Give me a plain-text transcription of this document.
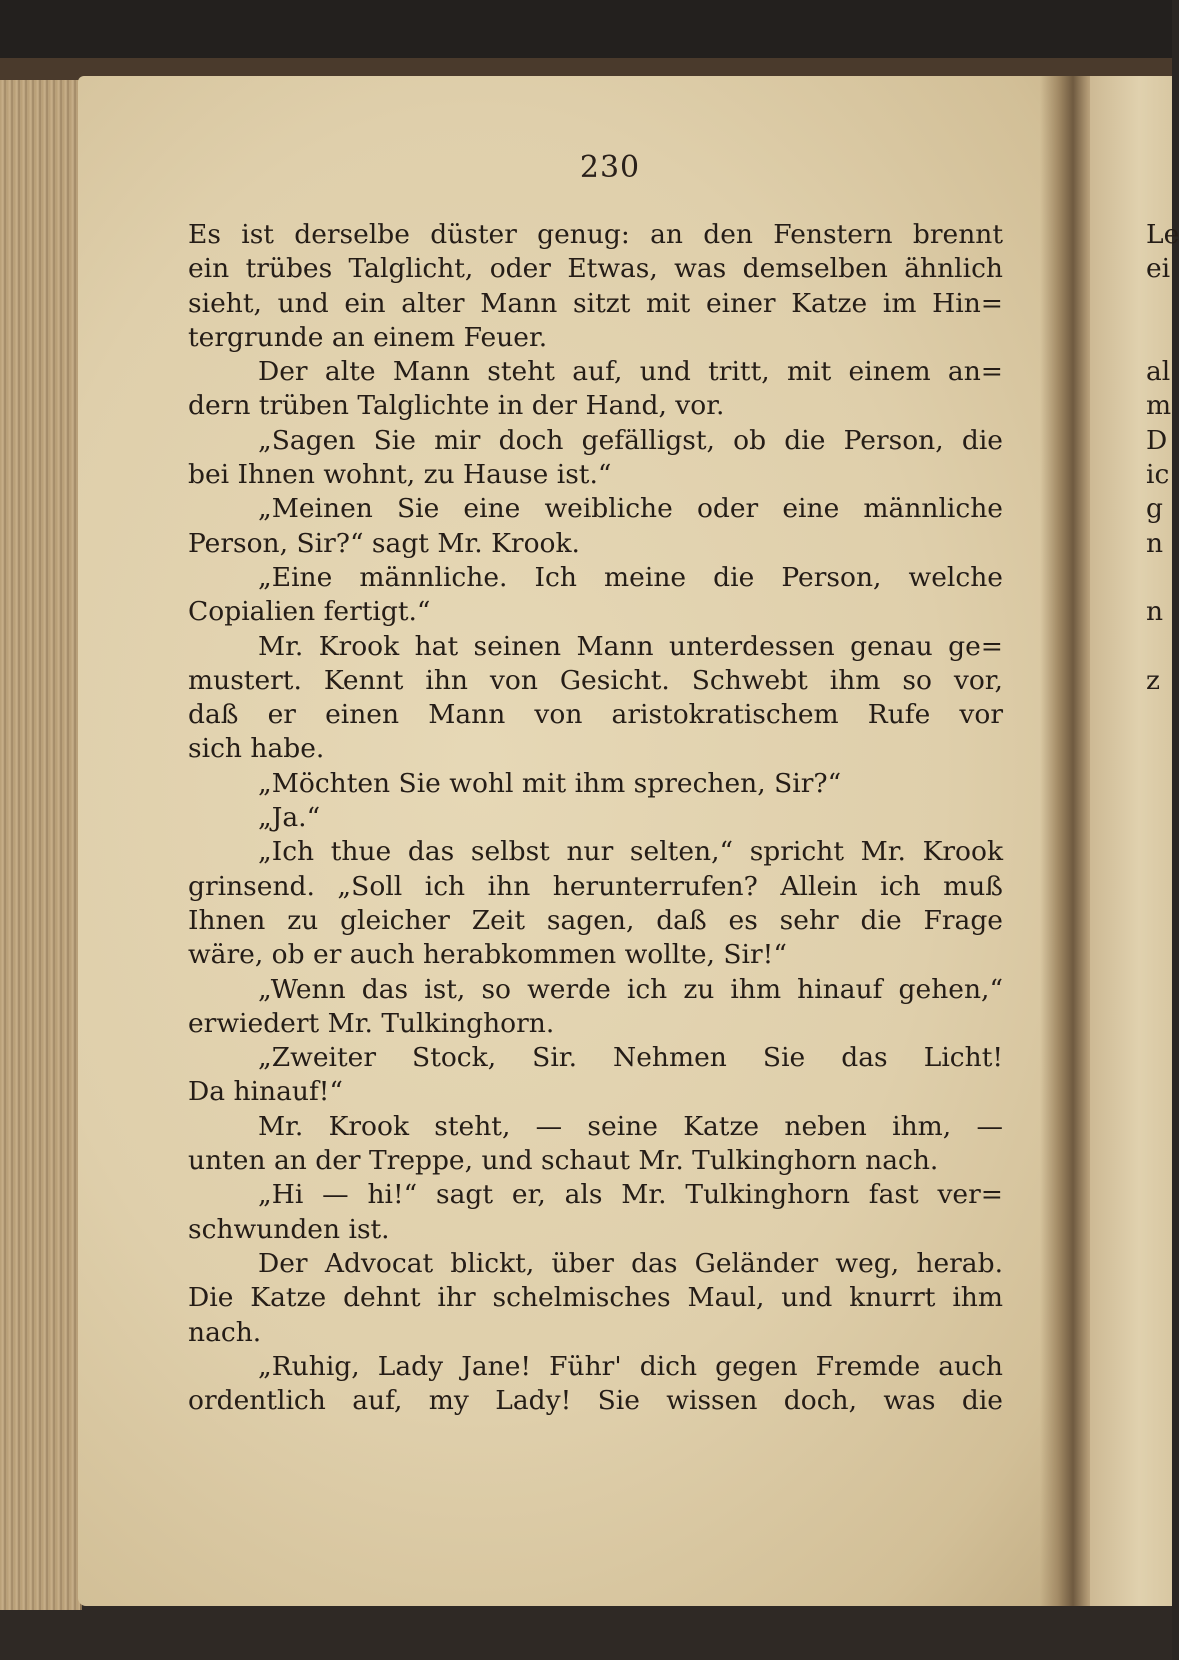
230
Es ist derselbe düster genug: an den Fenstern brennt
ein trübes Talglicht, oder Etwas, was demselben ähnlich
sieht, und ein alter Mann sitzt mit einer Katze im Hin=
tergrunde an einem Feuer.
Der alte Mann steht auf, und tritt, mit einem an=
dern trüben Talglichte in der Hand, vor.
„Sagen Sie mir doch gefälligst, ob die Person, die
bei Ihnen wohnt, zu Hause ist.“
„Meinen Sie eine weibliche oder eine männliche
Person, Sir?“ sagt Mr. Krook.
„Eine männliche. Ich meine die Person, welche
Copialien fertigt.“
Mr. Krook hat seinen Mann unterdessen genau ge=
mustert. Kennt ihn von Gesicht. Schwebt ihm so vor,
daß er einen Mann von aristokratischem Rufe vor
sich habe.
„Möchten Sie wohl mit ihm sprechen, Sir?“
„Ja.“
„Ich thue das selbst nur selten,“ spricht Mr. Krook
grinsend. „Soll ich ihn herunterrufen? Allein ich muß
Ihnen zu gleicher Zeit sagen, daß es sehr die Frage
wäre, ob er auch herabkommen wollte, Sir!“
„Wenn das ist, so werde ich zu ihm hinauf gehen,“
erwiedert Mr. Tulkinghorn.
„Zweiter Stock, Sir. Nehmen Sie das Licht!
Da hinauf!“
Mr. Krook steht, — seine Katze neben ihm, —
unten an der Treppe, und schaut Mr. Tulkinghorn nach.
„Hi — hi!“ sagt er, als Mr. Tulkinghorn fast ver=
schwunden ist.
Der Advocat blickt, über das Geländer weg, herab.
Die Katze dehnt ihr schelmisches Maul, und knurrt ihm
nach.
„Ruhig, Lady Jane! Führ' dich gegen Fremde auch
ordentlich auf, my Lady! Sie wissen doch, was die
Le
ei

al
m
D
ic
g
n

n

z
